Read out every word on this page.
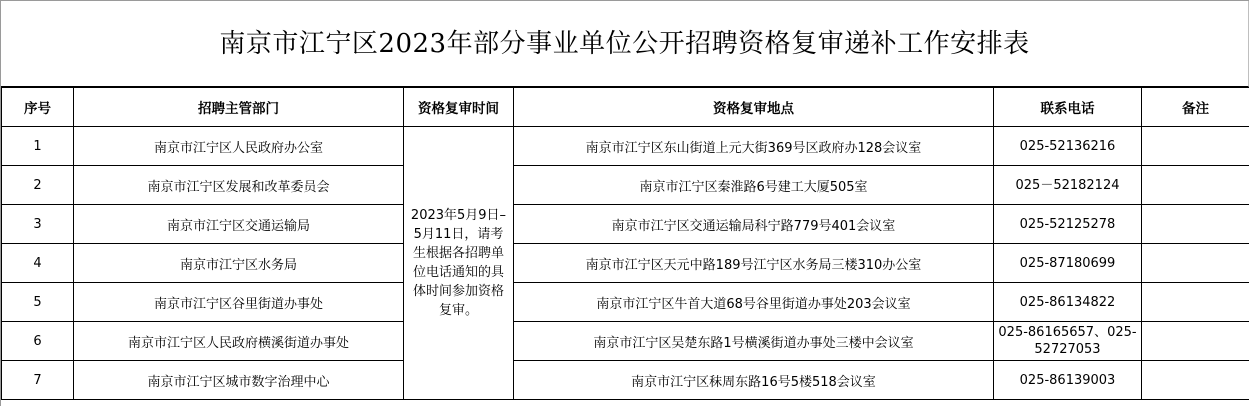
南京市江宁区2023年部分事业单位公开招聘资格复审递补工作安排表
序号	招聘主管部门	资格复审时间	资格复审地点	联系电话	备注
1	南京市江宁区人民政府办公室	2023年5月9日–5月11日，请考生根据各招聘单位电话通知的具体时间参加资格复审。	南京市江宁区东山街道上元大街369号区政府办128会议室	025-52136216	
2	南京市江宁区发展和改革委员会		南京市江宁区秦淮路6号建工大厦505室	025－52182124	
3	南京市江宁区交通运输局		南京市江宁区交通运输局科宁路779号401会议室	025-52125278	
4	南京市江宁区水务局		南京市江宁区天元中路189号江宁区水务局三楼310办公室	025-87180699	
5	南京市江宁区谷里街道办事处		南京市江宁区牛首大道68号谷里街道办事处203会议室	025-86134822	
6	南京市江宁区人民政府横溪街道办事处		南京市江宁区吴楚东路1号横溪街道办事处三楼中会议室	025-86165657、025-52727053	
7	南京市江宁区城市数字治理中心		南京市江宁区秣周东路16号5楼518会议室	025-86139003	
